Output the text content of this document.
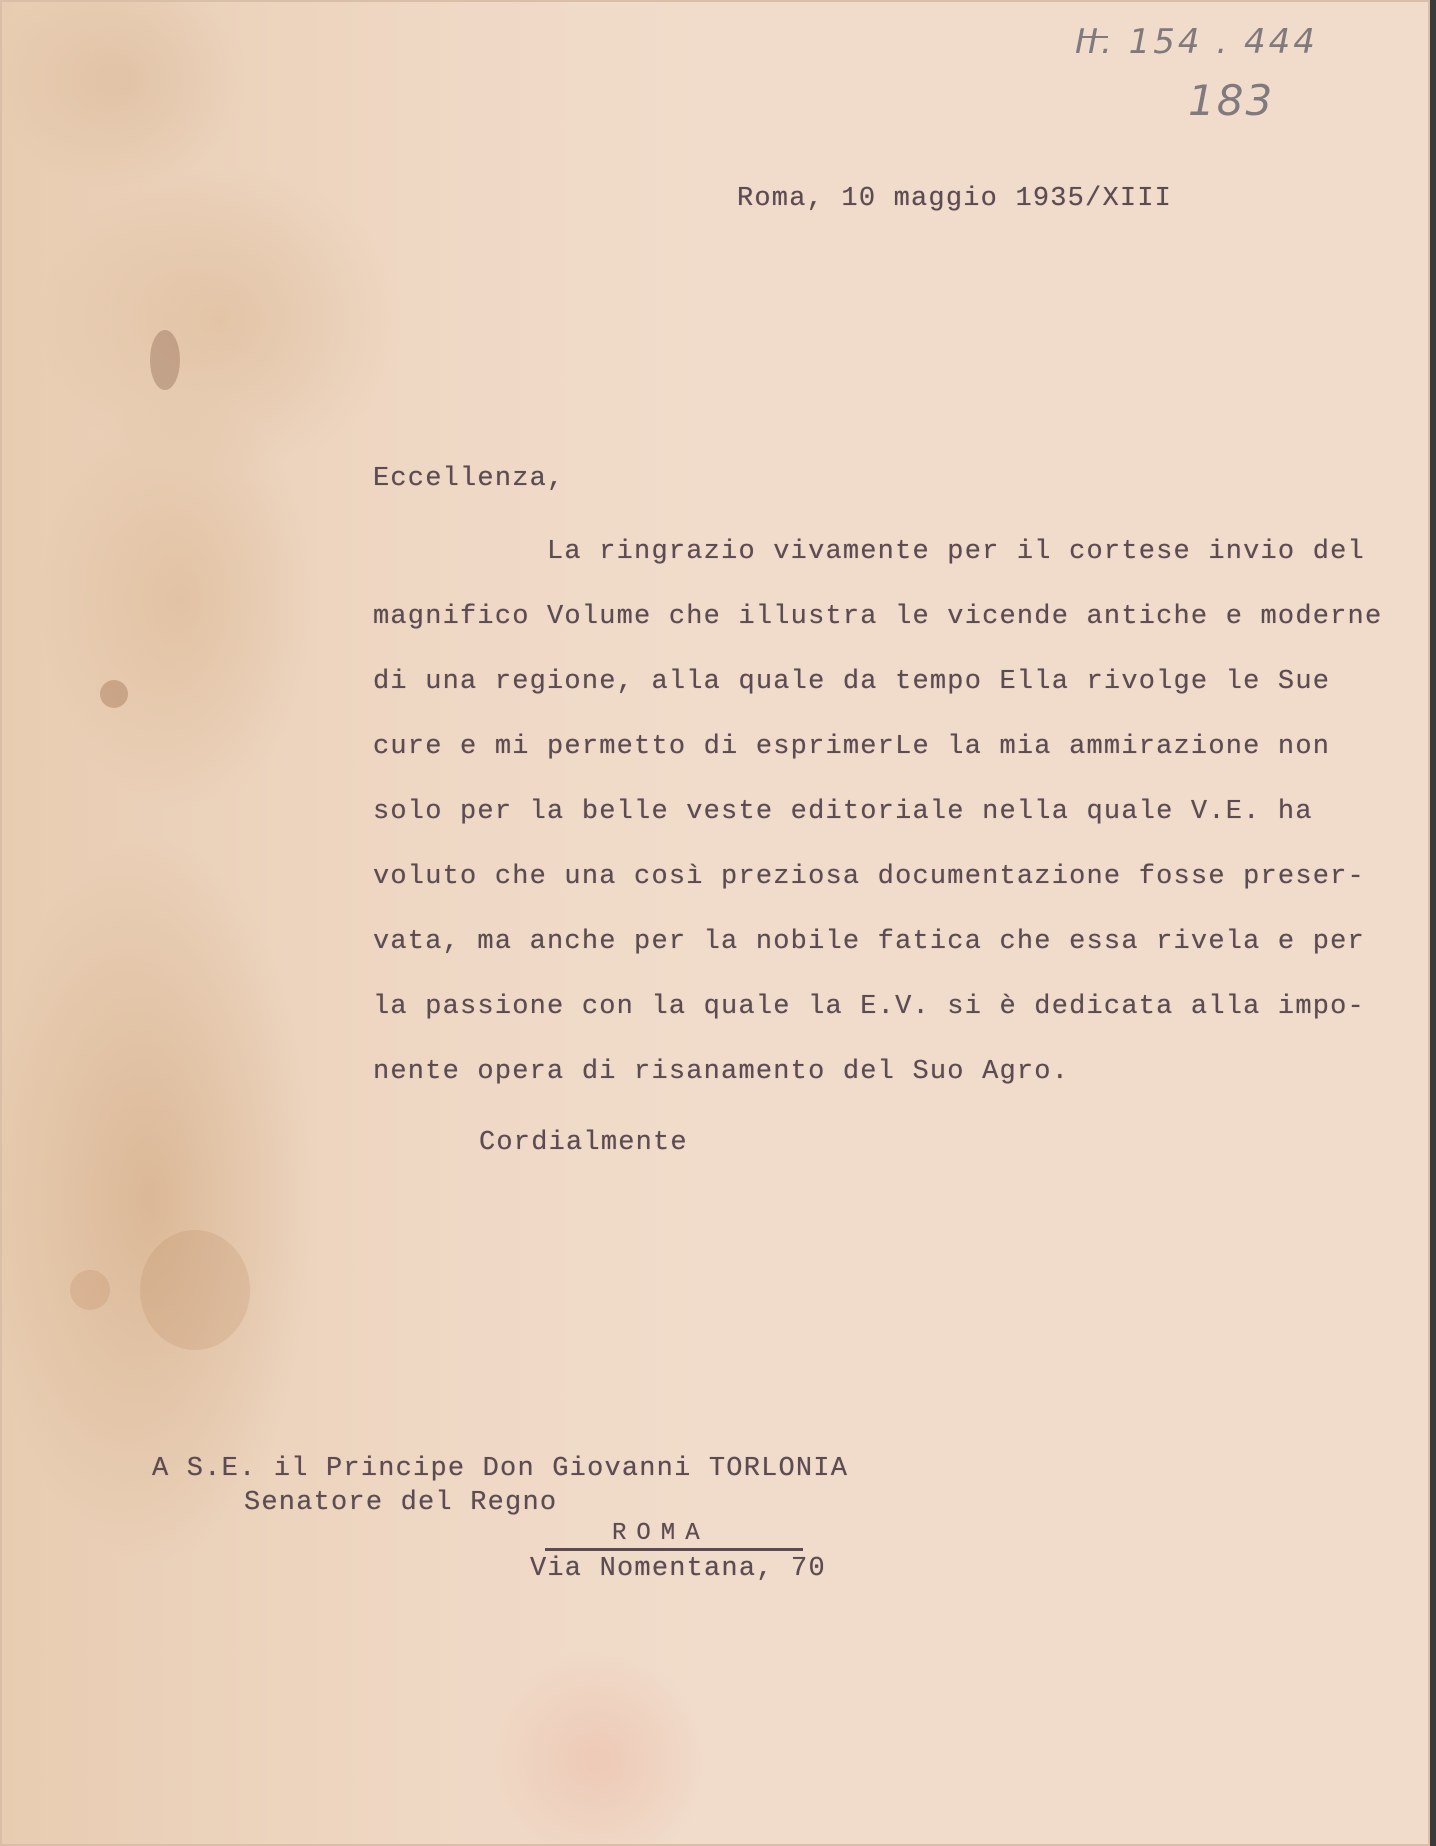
II. 154 . 444

183

Roma, 10 maggio 1935/XIII

Eccellenza,

La ringrazio vivamente per il cortese invio del

magnifico Volume che illustra le vicende antiche e moderne

di una regione, alla quale da tempo Ella rivolge le Sue

cure e mi permetto di esprimerLe la mia ammirazione non

solo per la belle veste editoriale nella quale V.E. ha

voluto che una così preziosa documentazione fosse preser-

vata, ma anche per la nobile fatica che essa rivela e per

la passione con la quale la E.V. si è dedicata alla impo-

nente opera di risanamento del Suo Agro.

Cordialmente

A S.E. il Principe Don Giovanni TORLONIA

Senatore del Regno

ROMA

Via Nomentana, 70
